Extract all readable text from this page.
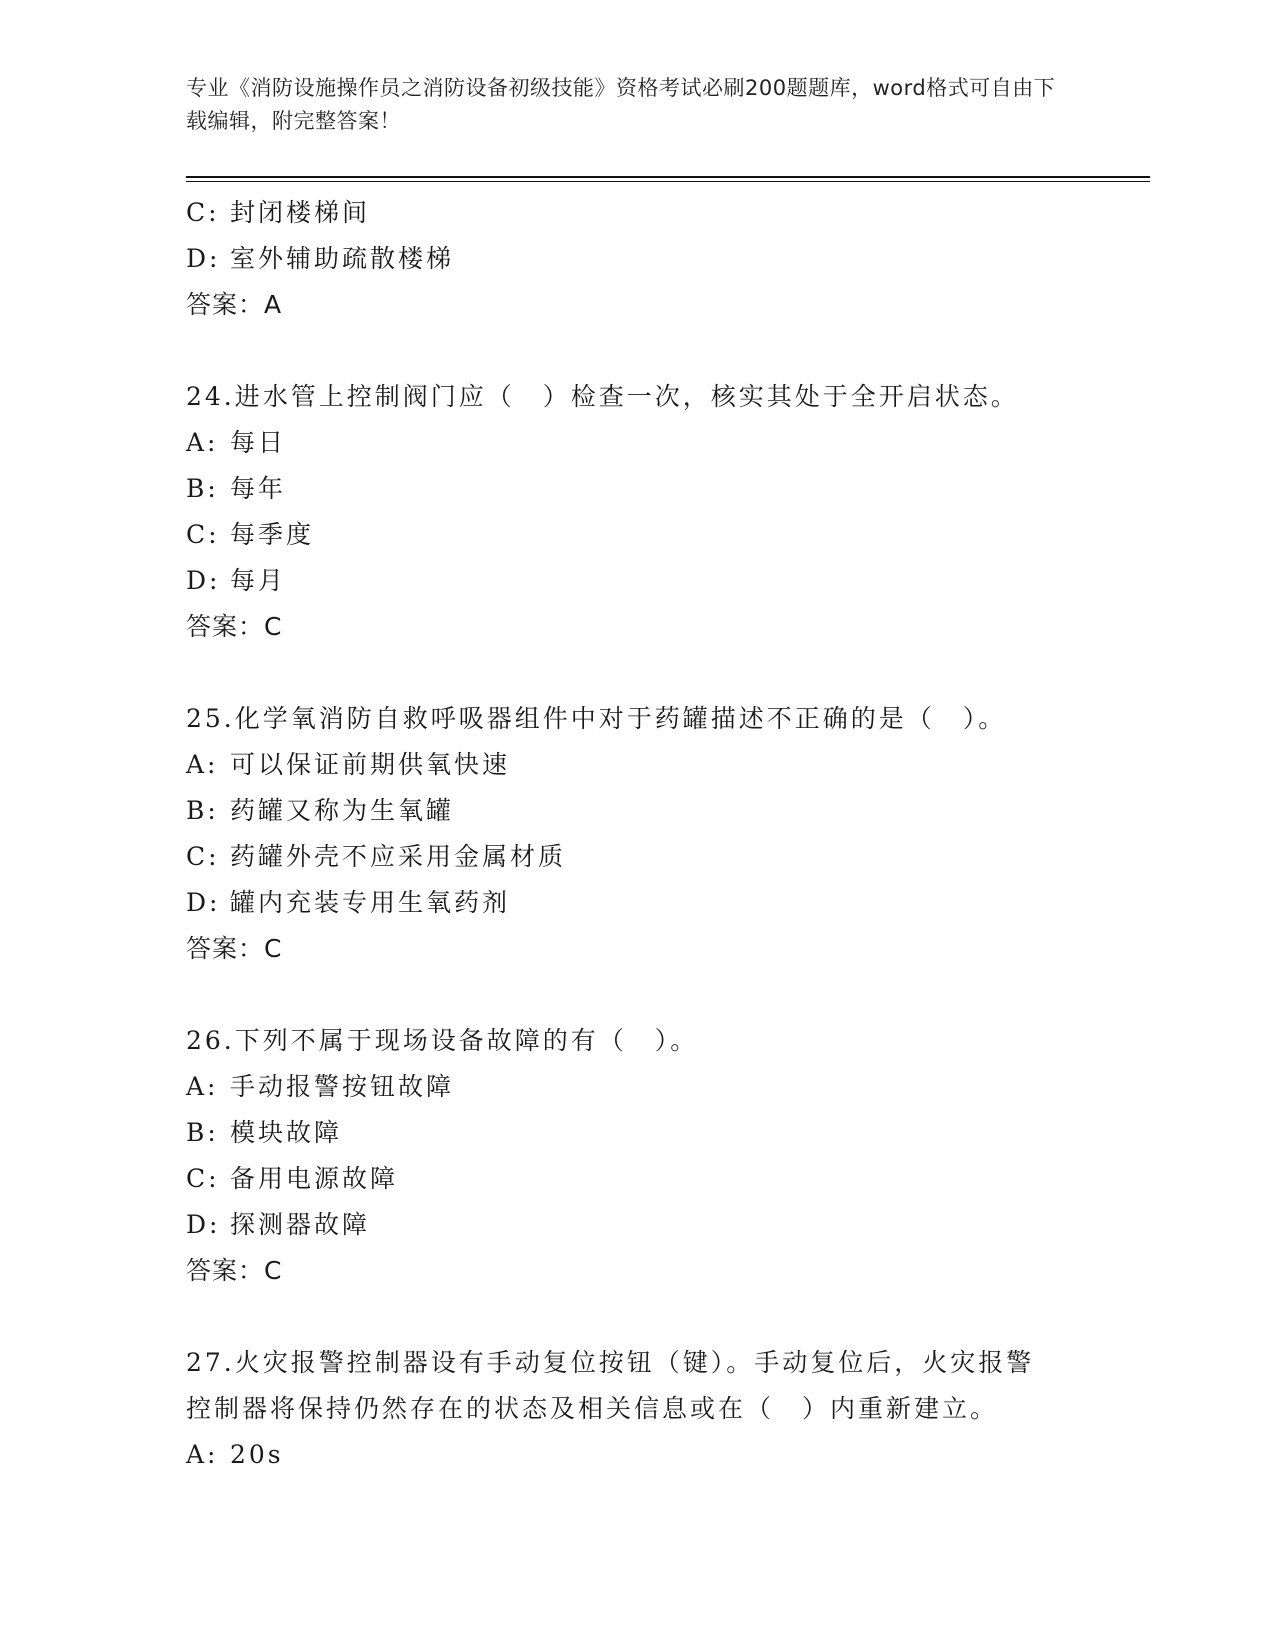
专业《消防设施操作员之消防设备初级技能》资格考试必刷200题题库，word格式可自由下载编辑，附完整答案！
C: 封闭楼梯间
D: 室外辅助疏散楼梯
答案：A
24.进水管上控制阀门应（　）检查一次，核实其处于全开启状态。
A: 每日
B: 每年
C: 每季度
D: 每月
答案：C
25.化学氧消防自救呼吸器组件中对于药罐描述不正确的是（　）。
A: 可以保证前期供氧快速
B: 药罐又称为生氧罐
C: 药罐外壳不应采用金属材质
D: 罐内充装专用生氧药剂
答案：C
26.下列不属于现场设备故障的有（　）。
A: 手动报警按钮故障
B: 模块故障
C: 备用电源故障
D: 探测器故障
答案：C
27.火灾报警控制器设有手动复位按钮（键）。手动复位后，火灾报警
控制器将保持仍然存在的状态及相关信息或在（　）内重新建立。
A: 20s
